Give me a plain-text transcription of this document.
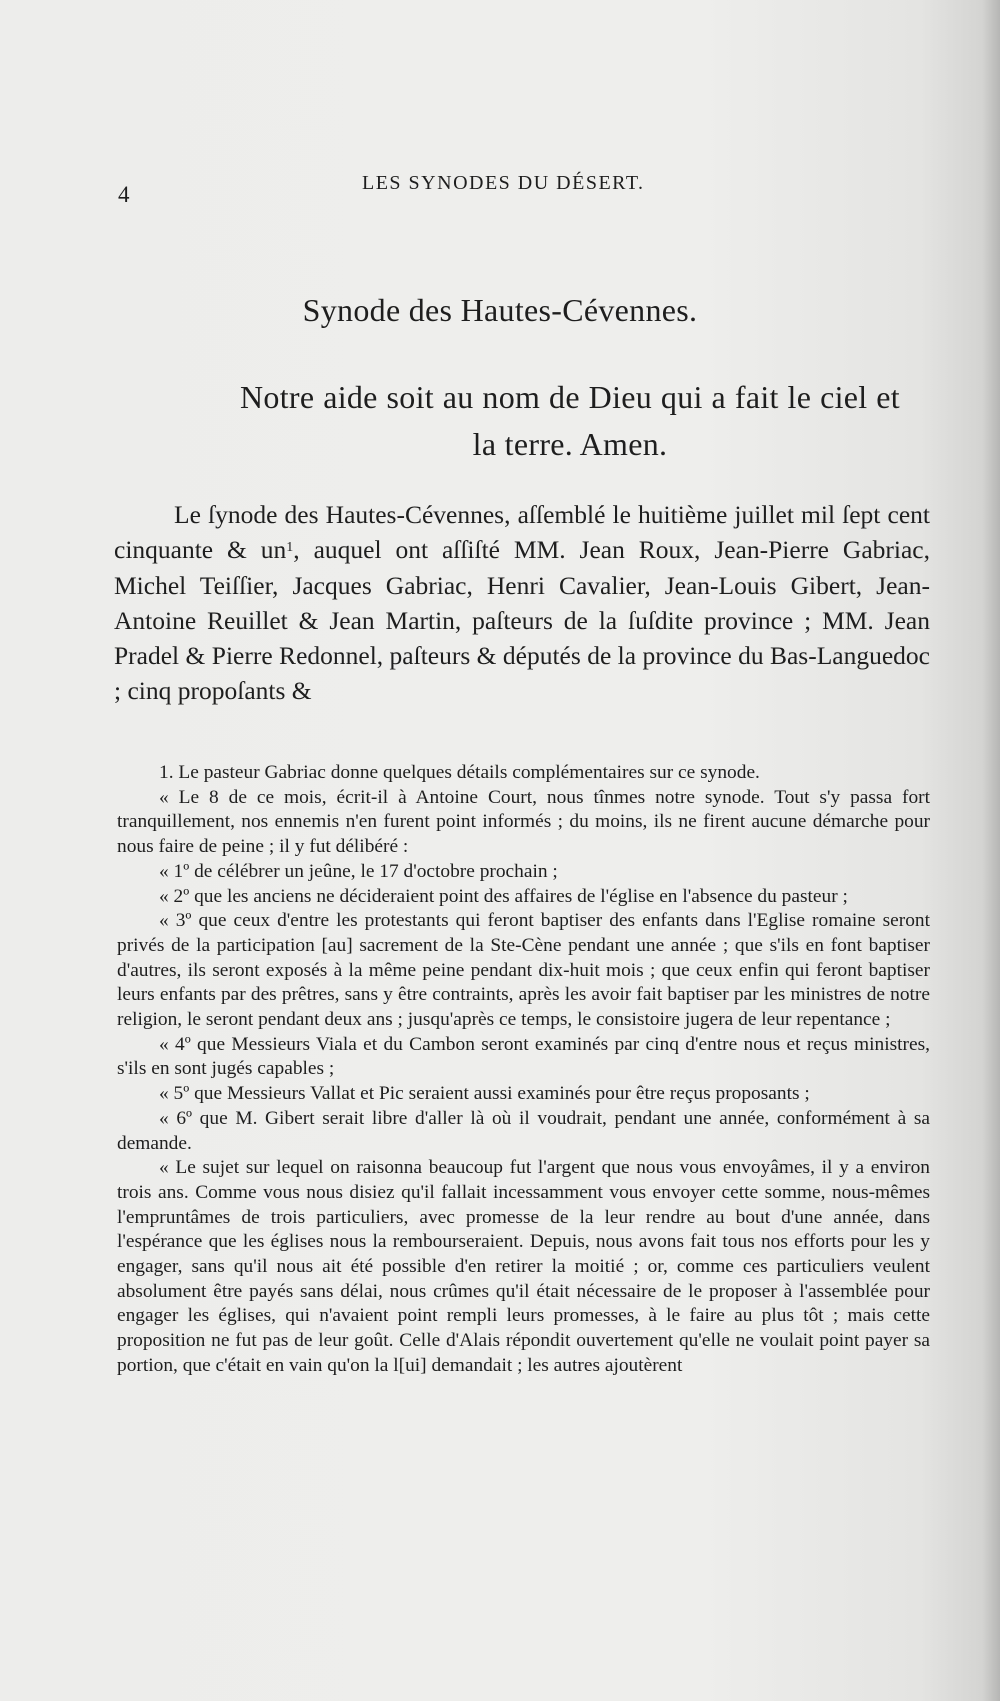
4	LES SYNODES DU DÉSERT.
Synode des Hautes-Cévennes.
Notre aide soit au nom de Dieu qui a fait le ciel et la terre. Amen.

Le ſynode des Hautes-Cévennes, aſſemblé le huitième juillet mil ſept cent cinquante & $un^1$, auquel ont aſſiſté MM. Jean Roux, Jean-Pierre Gabriac, Michel Teiſſier, Jacques Gabriac, Henri Cavalier, Jean-Louis Gibert, Jean-Antoine Reuillet & Jean Martin, paſteurs de la ſuſdite province ; MM. Jean Pradel & Pierre Redonnel, paſteurs & députés de la province du Bas-Languedoc ; cinq propoſants &

1. Le pasteur Gabriac donne quelques détails complémentaires sur ce synode.

« Le 8 de ce mois, écrit-il à Antoine Court, nous tînmes notre synode. Tout s'y passa fort tranquillement, nos ennemis n'en furent point informés ; du moins, ils ne firent aucune démarche pour nous faire de peine ; il y fut délibéré :

« 1º de célébrer un jeûne, le 17 d'octobre prochain ;

« 2º que les anciens ne décideraient point des affaires de l'église en l'absence du pasteur ;

« 3º que ceux d'entre les protestants qui feront baptiser des enfants dans l'Eglise romaine seront privés de la participation [au] sacrement de la Ste-Cène pendant une année ; que s'ils en font baptiser d'autres, ils seront exposés à la même peine pendant dix-huit mois ; que ceux enfin qui feront baptiser leurs enfants par des prêtres, sans y être contraints, après les avoir fait baptiser par les ministres de notre religion, le seront pendant deux ans ; jusqu'après ce temps, le consistoire jugera de leur repentance ;

« 4º que Messieurs Viala et du Cambon seront examinés par cinq d'entre nous et reçus ministres, s'ils en sont jugés capables ;

« 5º que Messieurs Vallat et Pic seraient aussi examinés pour être reçus proposants ;

« 6º que M. Gibert serait libre d'aller là où il voudrait, pendant une année, conformément à sa demande.

« Le sujet sur lequel on raisonna beaucoup fut l'argent que nous vous envoyâmes, il y a environ trois ans. Comme vous nous disiez qu'il fallait incessamment vous envoyer cette somme, nous-mêmes l'empruntâmes de trois particuliers, avec promesse de la leur rendre au bout d'une année, dans l'espérance que les églises nous la rembourseraient. Depuis, nous avons fait tous nos efforts pour les y engager, sans qu'il nous ait été possible d'en retirer la moitié ; or, comme ces particuliers veulent absolument être payés sans délai, nous crûmes qu'il était nécessaire de le proposer à l'assemblée pour engager les églises, qui n'avaient point rempli leurs promesses, à le faire au plus tôt ; mais cette proposition ne fut pas de leur goût. Celle d'Alais répondit ouvertement qu'elle ne voulait point payer sa portion, que c'était en vain qu'on la l[ui] demandait ; les autres ajoutèrent
